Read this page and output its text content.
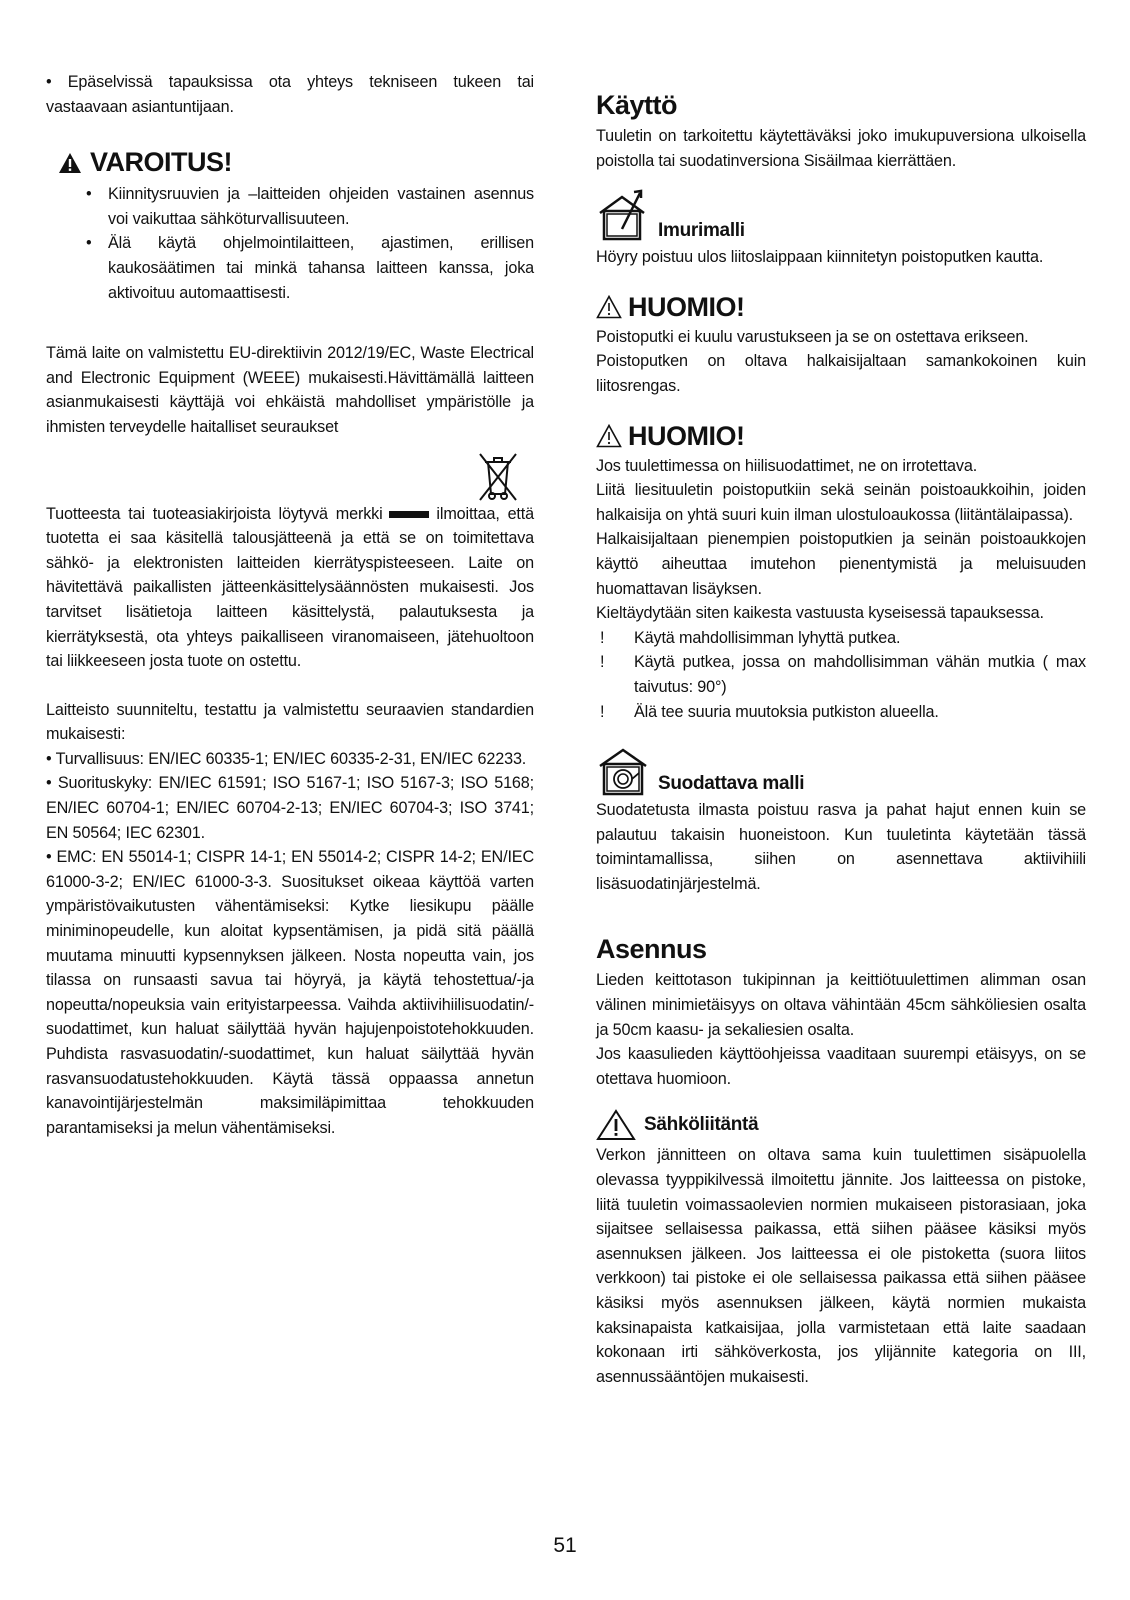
• Epäselvissä tapauksissa ota yhteys tekniseen tukeen tai vastaavaan asiantuntijaan.

VAROITUS!
• Kiinnitysruuvien ja –laitteiden ohjeiden vastainen asennus voi vaikuttaa sähköturvallisuuteen.
• Älä käytä ohjelmointilaitteen, ajastimen, erillisen kaukosäätimen tai minkä tahansa laitteen kanssa, joka aktivoituu automaattisesti.

Tämä laite on valmistettu EU-direktiivin 2012/19/EC, Waste Electrical and Electronic Equipment (WEEE) mukaisesti.Hävittämällä laitteen asianmukaisesti käyttäjä voi ehkäistä mahdolliset ympäristölle ja ihmisten terveydelle haitalliset seuraukset

Tuotteesta tai tuoteasiakirjoista löytyvä merkki	ilmoittaa, että tuotetta ei saa käsitellä talousjätteenä ja että se on toimitettava sähkö- ja elektronisten laitteiden kierrätyspisteeseen. Laite on hävitettävä paikallisten jätteenkäsittelysäännösten mukaisesti. Jos tarvitset lisätietoja laitteen käsittelystä, palautuksesta ja kierrätyksestä, ota yhteys paikalliseen viranomaiseen, jätehuoltoon tai liikkeeseen josta tuote on ostettu.

Laitteisto suunniteltu, testattu ja valmistettu seuraavien standardien mukaisesti:

• Turvallisuus: EN/IEC 60335-1; EN/IEC 60335-2-31, EN/IEC 62233.

• Suorituskyky: EN/IEC 61591; ISO 5167-1; ISO 5167-3; ISO 5168; EN/IEC 60704-1; EN/IEC 60704-2-13; EN/IEC 60704-3; ISO 3741; EN 50564; IEC 62301.

• EMC: EN 55014-1; CISPR 14-1; EN 55014-2; CISPR 14-2; EN/IEC 61000-3-2; EN/IEC 61000-3-3. Suositukset oikeaa käyttöä varten ympäristövaikutusten vähentämiseksi: Kytke liesikupu päälle miniminopeudelle, kun aloitat kypsentämisen, ja pidä sitä päällä muutama minuutti kypsennyksen jälkeen. Nosta nopeutta vain, jos tilassa on runsaasti savua tai höyryä, ja käytä tehostettua/-ja nopeutta/nopeuksia vain erityistarpeessa. Vaihda aktiivihiilisuodatin/-suodattimet, kun haluat säilyttää hyvän hajujenpoistotehokkuuden. Puhdista rasvasuodatin/-suodattimet, kun haluat säilyttää hyvän rasvansuodatustehokkuuden. Käytä tässä oppaassa annetun kanavointijärjestelmän maksimiläpimittaa tehokkuuden parantamiseksi ja melun vähentämiseksi.

Käyttö

Tuuletin on tarkoitettu käytettäväksi joko imukupuversiona ulkoisella poistolla tai suodatinversiona Sisäilmaa kierrättäen.

Imurimalli

Höyry poistuu ulos liitoslaippaan kiinnitetyn poistoputken kautta.

HUOMIO!

Poistoputki ei kuulu varustukseen ja se on ostettava erikseen.

Poistoputken on oltava halkaisijaltaan samankokoinen kuin liitosrengas.

HUOMIO!

Jos tuulettimessa on hiilisuodattimet, ne on irrotettava.

Liitä liesituuletin poistoputkiin sekä seinän poistoaukkoihin, joiden halkaisija on yhtä suuri kuin ilman ulostuloaukossa (liitäntälaipassa).

Halkaisijaltaan pienempien poistoputkien ja seinän poistoaukkojen käyttö aiheuttaa imutehon pienentymistä ja meluisuuden huomattavan lisäyksen.

Kieltäydytään siten kaikesta vastuusta kyseisessä tapauksessa.

! Käytä mahdollisimman lyhyttä putkea.
! Käytä putkea, jossa on mahdollisimman vähän mutkia ( max taivutus: 90°)
! Älä tee suuria muutoksia putkiston alueella.
Suodattava malli

Suodatetusta ilmasta poistuu rasva ja pahat hajut ennen kuin se palautuu takaisin huoneistoon. Kun tuuletinta käytetään tässä toimintamallissa, siihen on asennettava aktiivihiili lisäsuodatinjärjestelmä.

Asennus

Lieden keittotason tukipinnan ja keittiötuulettimen alimman osan välinen minimietäisyys on oltava vähintään 45cm sähköliesien osalta ja 50cm kaasu- ja sekaliesien osalta.

Jos kaasulieden käyttöohjeissa vaaditaan suurempi etäisyys, on se otettava huomioon.

Sähköliitäntä

Verkon jännitteen on oltava sama kuin tuulettimen sisäpuolella olevassa tyyppikilvessä ilmoitettu jännite. Jos laitteessa on pistoke, liitä tuuletin voimassaolevien normien mukaiseen pistorasiaan, joka sijaitsee sellaisessa paikassa, että siihen pääsee käsiksi myös asennuksen jälkeen. Jos laitteessa ei ole pistoketta (suora liitos verkkoon) tai pistoke ei ole sellaisessa paikassa että siihen pääsee käsiksi myös asennuksen jälkeen, käytä normien mukaista kaksinapaista katkaisijaa, jolla varmistetaan että laite saadaan kokonaan irti sähköverkosta, jos ylijännite kategoria on III, asennussääntöjen mukaisesti.

51
